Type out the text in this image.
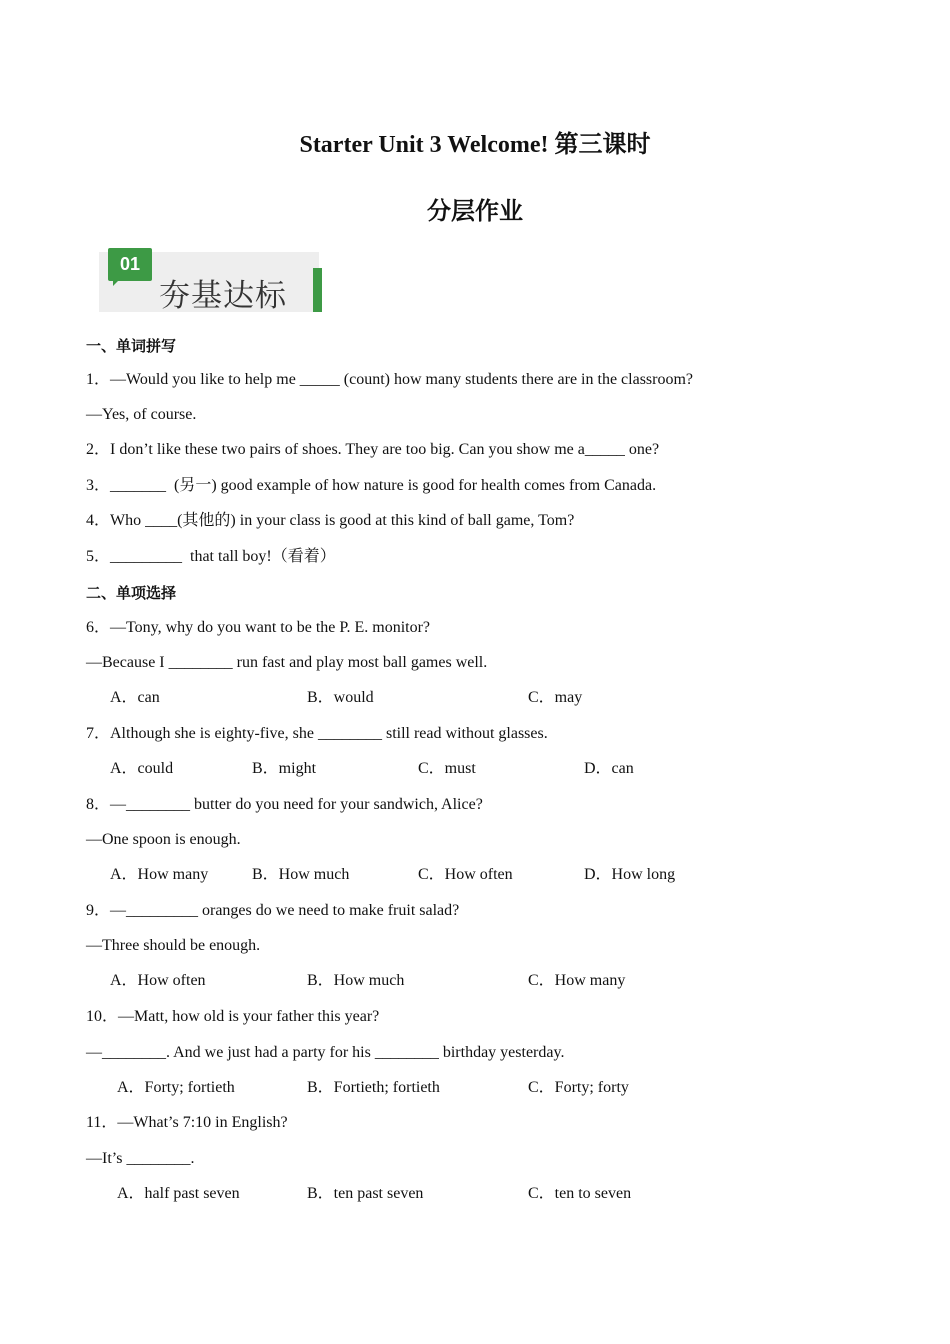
Starter Unit 3 Welcome! 第三课时
分层作业
01
夯基达标
一、单词拼写
1．—Would you like to help me _____ (count) how many students there are in the classroom?
—Yes, of course.
2．I don’t like these two pairs of shoes. They are too big. Can you show me a_____ one?
3．_______  (另一) good example of how nature is good for health comes from Canada.
4．Who ____(其他的) in your class is good at this kind of ball game, Tom?
5．_________  that tall boy!（看着）
二、单项选择
6．—Tony, why do you want to be the P. E. monitor?
—Because I ________ run fast and play most ball games well.
A．can	B．would	C．may
7．Although she is eighty-five, she ________ still read without glasses.
A．could	B．might	C．must	D．can
8．—________ butter do you need for your sandwich, Alice?
—One spoon is enough.
A．How many	B．How much	C．How often	D．How long
9．—_________ oranges do we need to make fruit salad?
—Three should be enough.
A．How often	B．How much	C．How many
10．—Matt, how old is your father this year?
—________. And we just had a party for his ________ birthday yesterday.
A．Forty; fortieth	B．Fortieth; fortieth	C．Forty; forty
11．—What’s 7:10 in English?
—It’s ________.
A．half past seven	B．ten past seven	C．ten to seven
